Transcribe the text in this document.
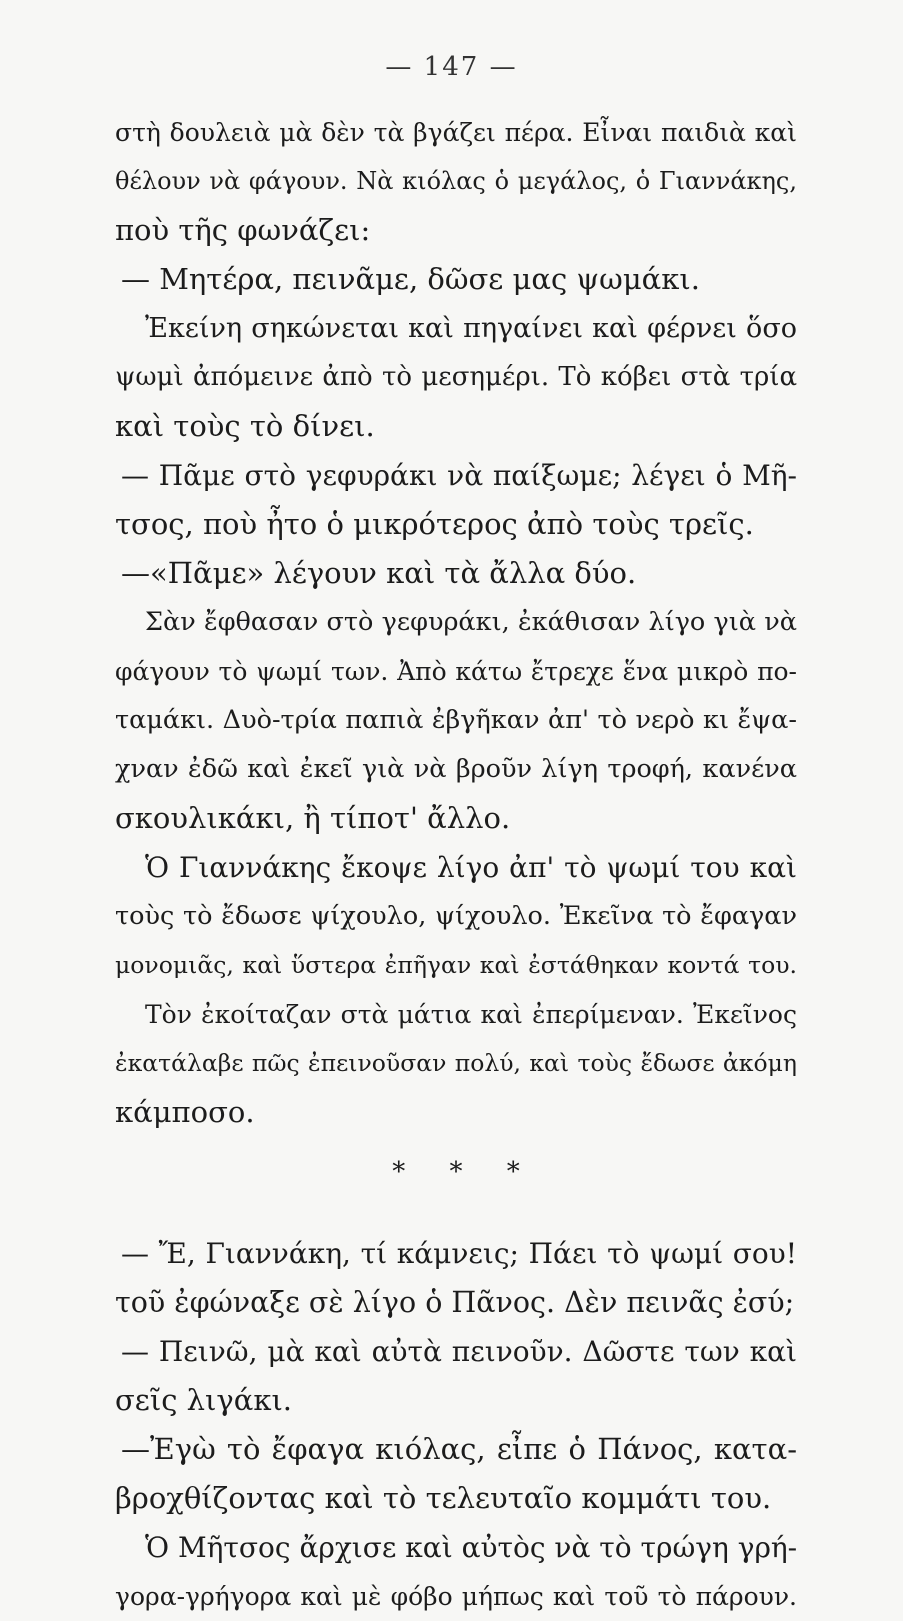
— 147 —
στὴ δουλειὰ μὰ δὲν τὰ βγάζει πέρα. Εἶναι παιδιὰ καὶ
θέλουν νὰ φάγουν. Νὰ κιόλας ὁ μεγάλος, ὁ Γιαννάκης,
ποὺ τῆς φωνάζει:
— Μητέρα, πεινᾶμε, δῶσε μας ψωμάκι.
Ἐκείνη σηκώνεται καὶ πηγαίνει καὶ φέρνει ὅσο
ψωμὶ ἀπόμεινε ἀπὸ τὸ μεσημέρι. Τὸ κόβει στὰ τρία
καὶ τοὺς τὸ δίνει.
— Πᾶμε στὸ γεφυράκι νὰ παίξωμε; λέγει ὁ Μῆ-
τσος, ποὺ ἦτο ὁ μικρότερος ἀπὸ τοὺς τρεῖς.
—«Πᾶμε» λέγουν καὶ τὰ ἄλλα δύο.
Σὰν ἔφθασαν στὸ γεφυράκι, ἐκάθισαν λίγο γιὰ νὰ
φάγουν τὸ ψωμί των. Ἀπὸ κάτω ἔτρεχε ἕνα μικρὸ πο-
ταμάκι. Δυὸ-τρία παπιὰ ἐβγῆκαν ἀπ' τὸ νερὸ κι ἔψα-
χναν ἐδῶ καὶ ἐκεῖ γιὰ νὰ βροῦν λίγη τροφή, κανένα
σκουλικάκι, ἢ τίποτ' ἄλλο.
Ὁ Γιαννάκης ἔκοψε λίγο ἀπ' τὸ ψωμί του καὶ
τοὺς τὸ ἔδωσε ψίχουλο, ψίχουλο. Ἐκεῖνα τὸ ἔφαγαν
μονομιᾶς, καὶ ὕστερα ἐπῆγαν καὶ ἐστάθηκαν κοντά του.
Τὸν ἐκοίταζαν στὰ μάτια καὶ ἐπερίμεναν. Ἐκεῖνος
ἐκατάλαβε πῶς ἐπεινοῦσαν πολύ, καὶ τοὺς ἔδωσε ἀκόμη
κάμποσο.
* * *
— Ἔ, Γιαννάκη, τί κάμνεις; Πάει τὸ ψωμί σου!
τοῦ ἐφώναξε σὲ λίγο ὁ Πᾶνος. Δὲν πεινᾶς ἐσύ;
— Πεινῶ, μὰ καὶ αὐτὰ πεινοῦν. Δῶστε των καὶ
σεῖς λιγάκι.
—Ἐγὼ τὸ ἔφαγα κιόλας, εἶπε ὁ Πάνος, κατα-
βροχθίζοντας καὶ τὸ τελευταῖο κομμάτι του.
Ὁ Μῆτσος ἄρχισε καὶ αὐτὸς νὰ τὸ τρώγη γρή-
γορα-γρήγορα καὶ μὲ φόβο μήπως καὶ τοῦ τὸ πάρουν.
